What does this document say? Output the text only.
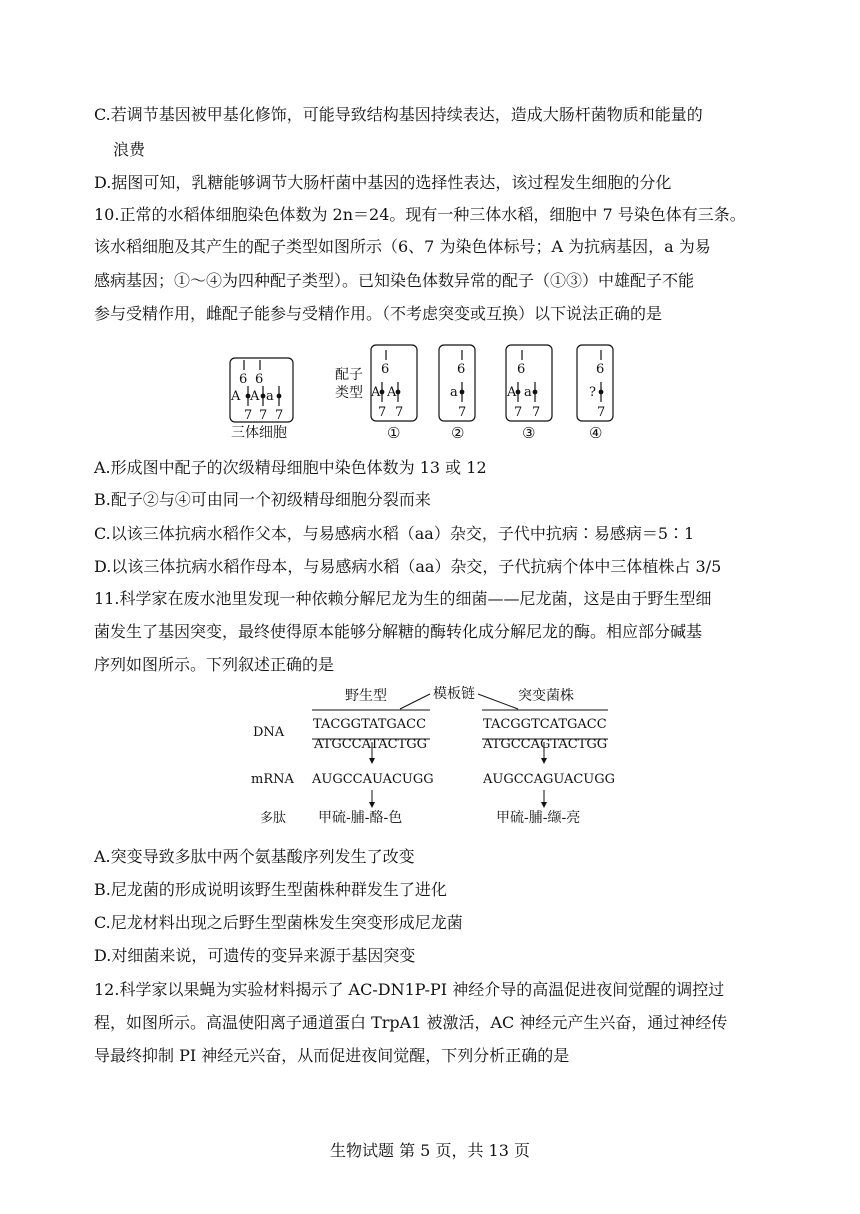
C.若调节基因被甲基化修饰，可能导致结构基因持续表达，造成大肠杆菌物质和能量的
浪费
D.据图可知，乳糖能够调节大肠杆菌中基因的选择性表达，该过程发生细胞的分化
10.正常的水稻体细胞染色体数为 2n＝24。现有一种三体水稻，细胞中 7 号染色体有三条。
该水稻细胞及其产生的配子类型如图所示（6、7 为染色体标号；A 为抗病基因，a 为易
感病基因；①～④为四种配子类型）。已知染色体数异常的配子（①③）中雄配子不能
参与受精作用，雌配子能参与受精作用。（不考虑突变或互换）以下说法正确的是
6 6
A A a
7 7 7
配子
类型
6
A A
7 7
6
a
7
6
A a
7 7
6
?
7
三体细胞	①	②	③	④
A.形成图中配子的次级精母细胞中染色体数为 13 或 12
B.配子②与④可由同一个初级精母细胞分裂而来
C.以该三体抗病水稻作父本，与易感病水稻（aa）杂交，子代中抗病∶易感病＝5∶1
D.以该三体抗病水稻作母本，与易感病水稻（aa）杂交，子代抗病个体中三体植株占 3/5
11.科学家在废水池里发现一种依赖分解尼龙为生的细菌——尼龙菌，这是由于野生型细
菌发生了基因突变，最终使得原本能够分解糖的酶转化成分解尼龙的酶。相应部分碱基
序列如图所示。下列叙述正确的是
野生型	模板链	突变菌株
DNA
mRNA
多肽
TACGGTATGACC
ATGCCATACTGG
AUGCCAUACUGG
甲硫-脯-酪-色
TACGGTCATGACC
ATGCCAGTACTGG
AUGCCAGUACUGG
甲硫-脯-缬-亮
A.突变导致多肽中两个氨基酸序列发生了改变
B.尼龙菌的形成说明该野生型菌株种群发生了进化
C.尼龙材料出现之后野生型菌株发生突变形成尼龙菌
D.对细菌来说，可遗传的变异来源于基因突变
12.科学家以果蝇为实验材料揭示了 AC-DN1P-PI 神经介导的高温促进夜间觉醒的调控过
程，如图所示。高温使阳离子通道蛋白 TrpA1 被激活，AC 神经元产生兴奋，通过神经传
导最终抑制 PI 神经元兴奋，从而促进夜间觉醒，下列分析正确的是
生物试题 第 5 页，共 13 页
